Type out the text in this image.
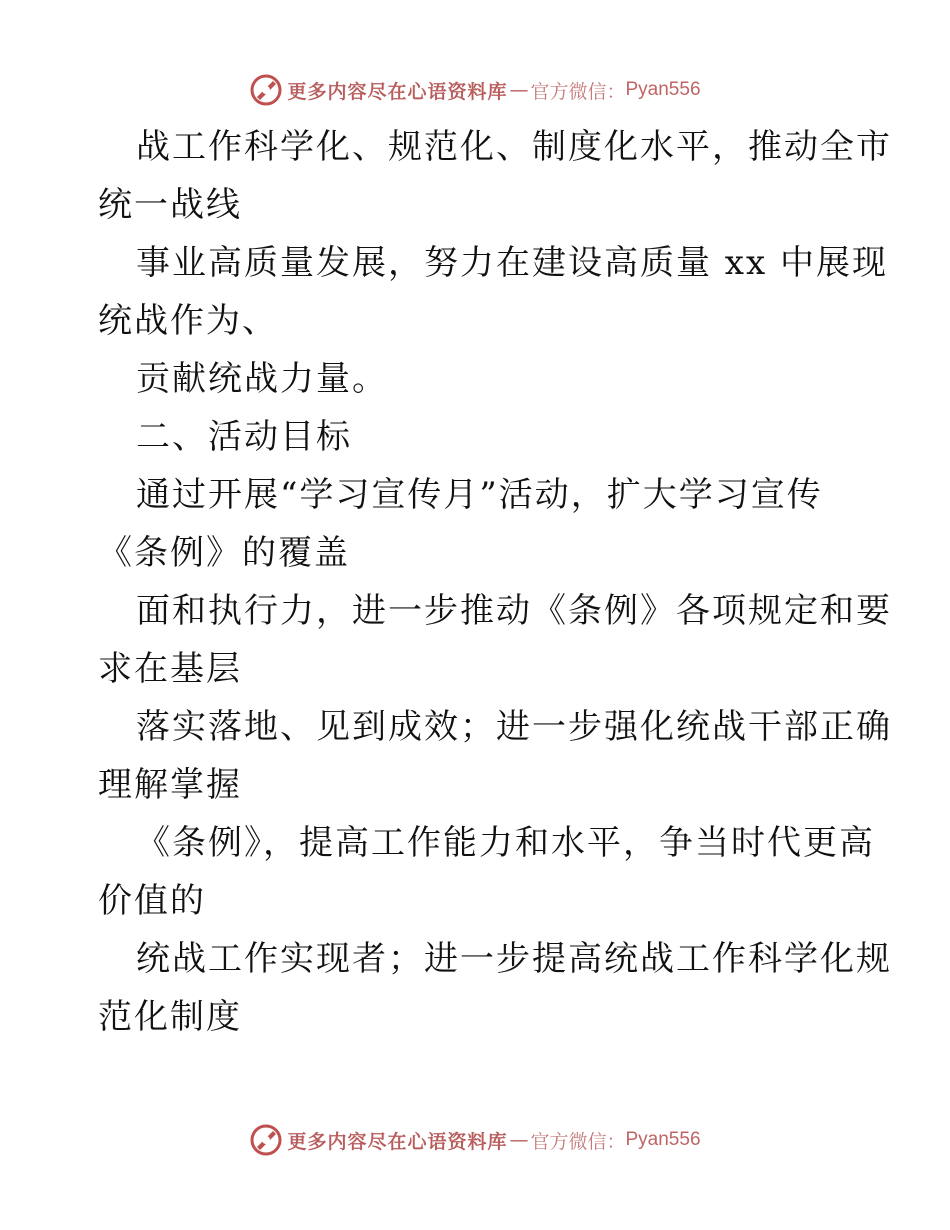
更多内容尽在心语资料库 — 官方微信： Pyan556

战工作科学化、规范化、制度化水平，推动全市
统一战线

事业高质量发展，努力在建设高质量 xx 中展现
统战作为、

贡献统战力量。

二、活动目标

通过开展“学习宣传月”活动，扩大学习宣传
《条例》的覆盖

面和执行力，进一步推动《条例》各项规定和要
求在基层

落实落地、见到成效；进一步强化统战干部正确
理解掌握

《条例》，提高工作能力和水平，争当时代更高
价值的

统战工作实现者；进一步提高统战工作科学化规
范化制度

更多内容尽在心语资料库 — 官方微信： Pyan556
